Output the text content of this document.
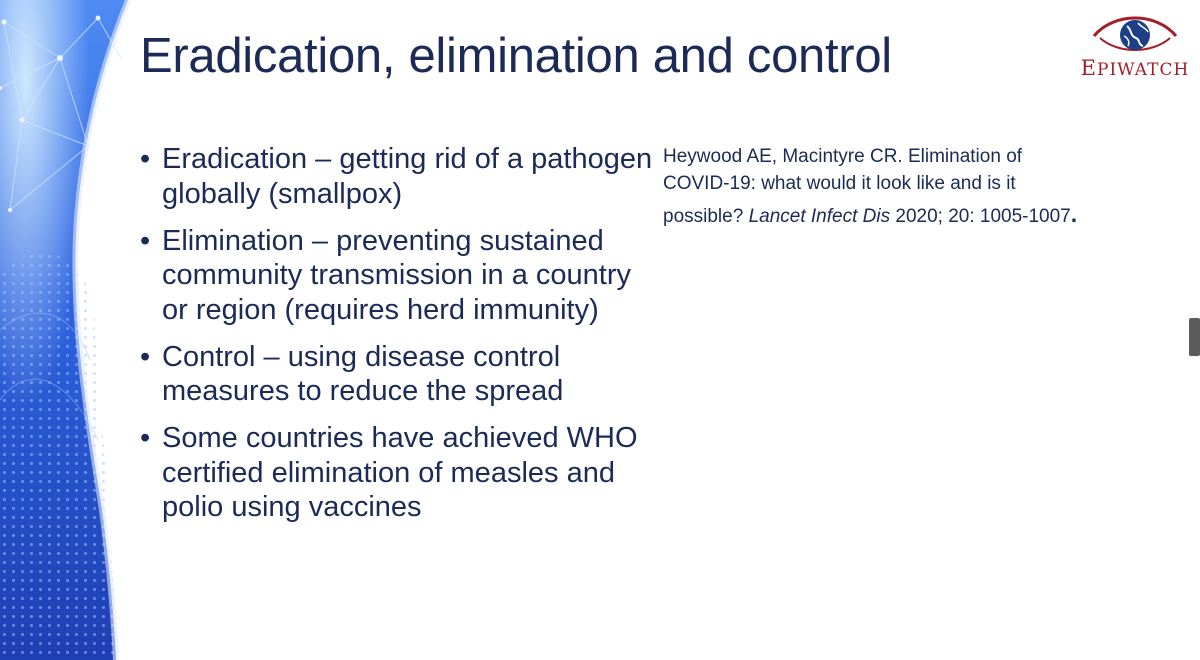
Eradication, elimination and control	EPIWATCH
• Eradication – getting rid of a pathogen globally (smallpox)
• Elimination – preventing sustained community transmission in a country or region (requires herd immunity)
• Control – using disease control measures to reduce the spread
• Some countries have achieved WHO certified elimination of measles and polio using vaccines
Heywood AE, Macintyre CR. Elimination of
COVID-19: what would it look like and is it

possible? Lancet Infect Dis 2020; 20: 1005-1007.
